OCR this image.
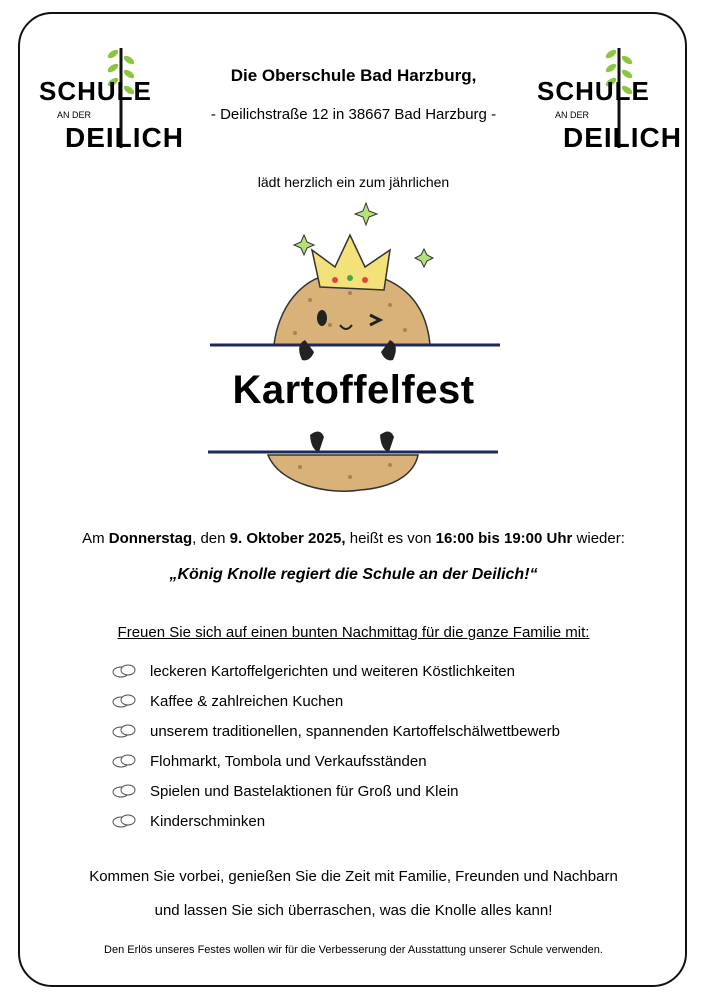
SCHULE
AN DER
DEILICH
SCHULE
AN DER
DEILICH
Die Oberschule Bad Harzburg,
- Deilichstraße 12 in 38667 Bad Harzburg -
lädt herzlich ein zum jährlichen
Kartoffelfest
Am Donnerstag, den 9. Oktober 2025, heißt es von 16:00 bis 19:00 Uhr wieder:
„König Knolle regiert die Schule an der Deilich!“
Freuen Sie sich auf einen bunten Nachmittag für die ganze Familie mit:
leckeren Kartoffelgerichten und weiteren Köstlichkeiten
Kaffee & zahlreichen Kuchen
unserem traditionellen, spannenden Kartoffelschälwettbewerb
Flohmarkt, Tombola und Verkaufsständen
Spielen und Bastelaktionen für Groß und Klein
Kinderschminken
Kommen Sie vorbei, genießen Sie die Zeit mit Familie, Freunden und Nachbarn
und lassen Sie sich überraschen, was die Knolle alles kann!
Den Erlös unseres Festes wollen wir für die Verbesserung der Ausstattung unserer Schule verwenden.
